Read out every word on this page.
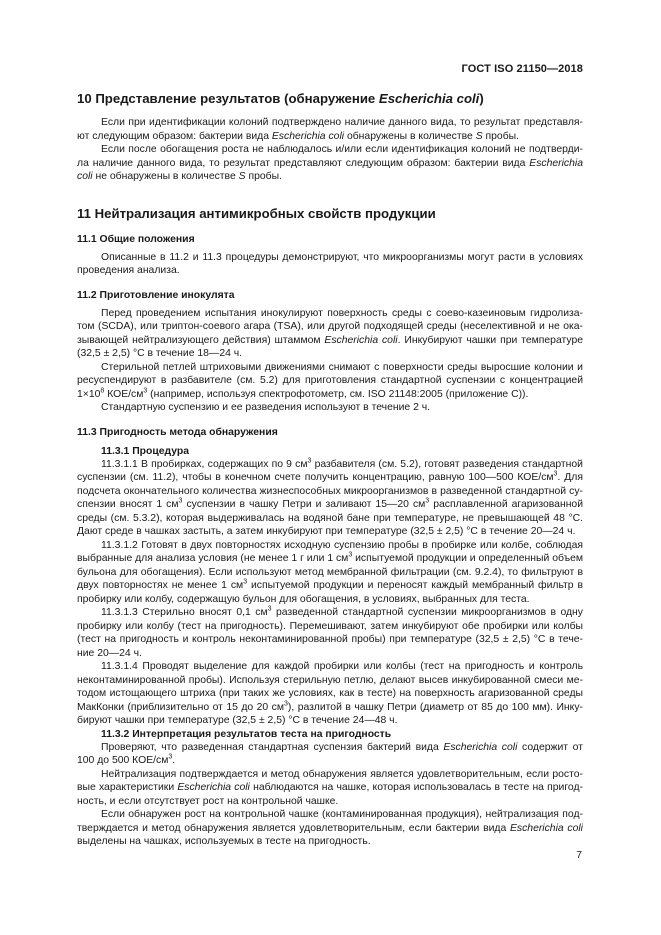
ГОСТ ISO 21150—2018
10 Представление результатов (обнаружение Escherichia coli)

Если при идентификации колоний подтверждено наличие данного вида, то результат представля-ют следующим образом: бактерии вида Escherichia coli обнаружены в количестве S пробы.

Если после обогащения роста не наблюдалось и/или если идентификация колоний не подтверди-ла наличие данного вида, то результат представляют следующим образом: бактерии вида Escherichia coli не обнаружены в количестве S пробы.

11 Нейтрализация антимикробных свойств продукции
11.1 Общие положения

Описанные в 11.2 и 11.3 процедуры демонстрируют, что микроорганизмы могут расти в условиях проведения анализа.

11.2 Приготовление инокулята

Перед проведением испытания инокулируют поверхность среды с соево-казеиновым гидролиза-том (SCDA), или триптон-соевого агара (TSA), или другой подходящей среды (неселективной и не ока-зывающей нейтрализующего действия) штаммом Escherichia coli. Инкубируют чашки при температуре (32,5 ± 2,5) °С в течение 18—24 ч.

Стерильной петлей штриховыми движениями снимают с поверхности среды выросшие колонии и ресуспендируют в разбавителе (см. 5.2) для приготовления стандартной суспензии с концентрацией $1\times 10^8$ КОЕ/$см^3$ (например, используя спектрофотометр, см. ISO 21148:2005 (приложение С)).

Стандартную суспензию и ее разведения используют в течение 2 ч.

11.3 Пригодность метода обнаружения
11.3.1 Процедура

11.3.1.1 В пробирках, содержащих по 9 $см^3$ разбавителя (см. 5.2), готовят разведения стандартной суспензии (см. 11.2), чтобы в конечном счете получить концентрацию, равную 100—500 КОЕ/$см^3$. Для подсчета окончательного количества жизнеспособных микроорганизмов в разведенной стандартной су-спензии вносят 1 $см^3$ суспензии в чашку Петри и заливают 15—20 $см^3$ расплавленной агаризованной среды (см. 5.3.2), которая выдерживалась на водяной бане при температуре, не превышающей 48 °С. Дают среде в чашках застыть, а затем инкубируют при температуре (32,5 ± 2,5) °С в течение 20—24 ч.

11.3.1.2 Готовят в двух повторностях исходную суспензию пробы в пробирке или колбе, соблюдая выбранные для анализа условия (не менее 1 г или 1 $см^3$ испытуемой продукции и определенный объем бульона для обогащения). Если используют метод мембранной фильтрации (см. 9.2.4), то фильтруют в двух повторностях не менее 1 $см^3$ испытуемой продукции и переносят каждый мембранный фильтр в пробирку или колбу, содержащую бульон для обогащения, в условиях, выбранных для теста.

11.3.1.3 Стерильно вносят 0,1 $см^3$ разведенной стандартной суспензии микроорганизмов в одну пробирку или колбу (тест на пригодность). Перемешивают, затем инкубируют обе пробирки или колбы (тест на пригодность и контроль неконтаминированной пробы) при температуре (32,5 ± 2,5) °С в тече-ние 20—24 ч.

11.3.1.4 Проводят выделение для каждой пробирки или колбы (тест на пригодность и контроль неконтаминированной пробы). Используя стерильную петлю, делают высев инкубированной смеси ме-тодом истощающего штриха (при таких же условиях, как в тесте) на поверхность агаризованной среды МакКонки (приблизительно от 15 до 20 $см^3$), разлитой в чашку Петри (диаметр от 85 до 100 мм). Инку-бируют чашки при температуре (32,5 ± 2,5) °С в течение 24—48 ч.

11.3.2 Интерпретация результатов теста на пригодность

Проверяют, что разведенная стандартная суспензия бактерий вида Escherichia coli содержит от 100 до 500 КОЕ/$см^3$.

Нейтрализация подтверждается и метод обнаружения является удовлетворительным, если росто-вые характеристики Escherichia coli наблюдаются на чашке, которая использовалась в тесте на пригод-ность, и если отсутствует рост на контрольной чашке.

Если обнаружен рост на контрольной чашке (контаминированная продукция), нейтрализация под-тверждается и метод обнаружения является удовлетворительным, если бактерии вида Escherichia coli выделены на чашках, используемых в тесте на пригодность.

7
